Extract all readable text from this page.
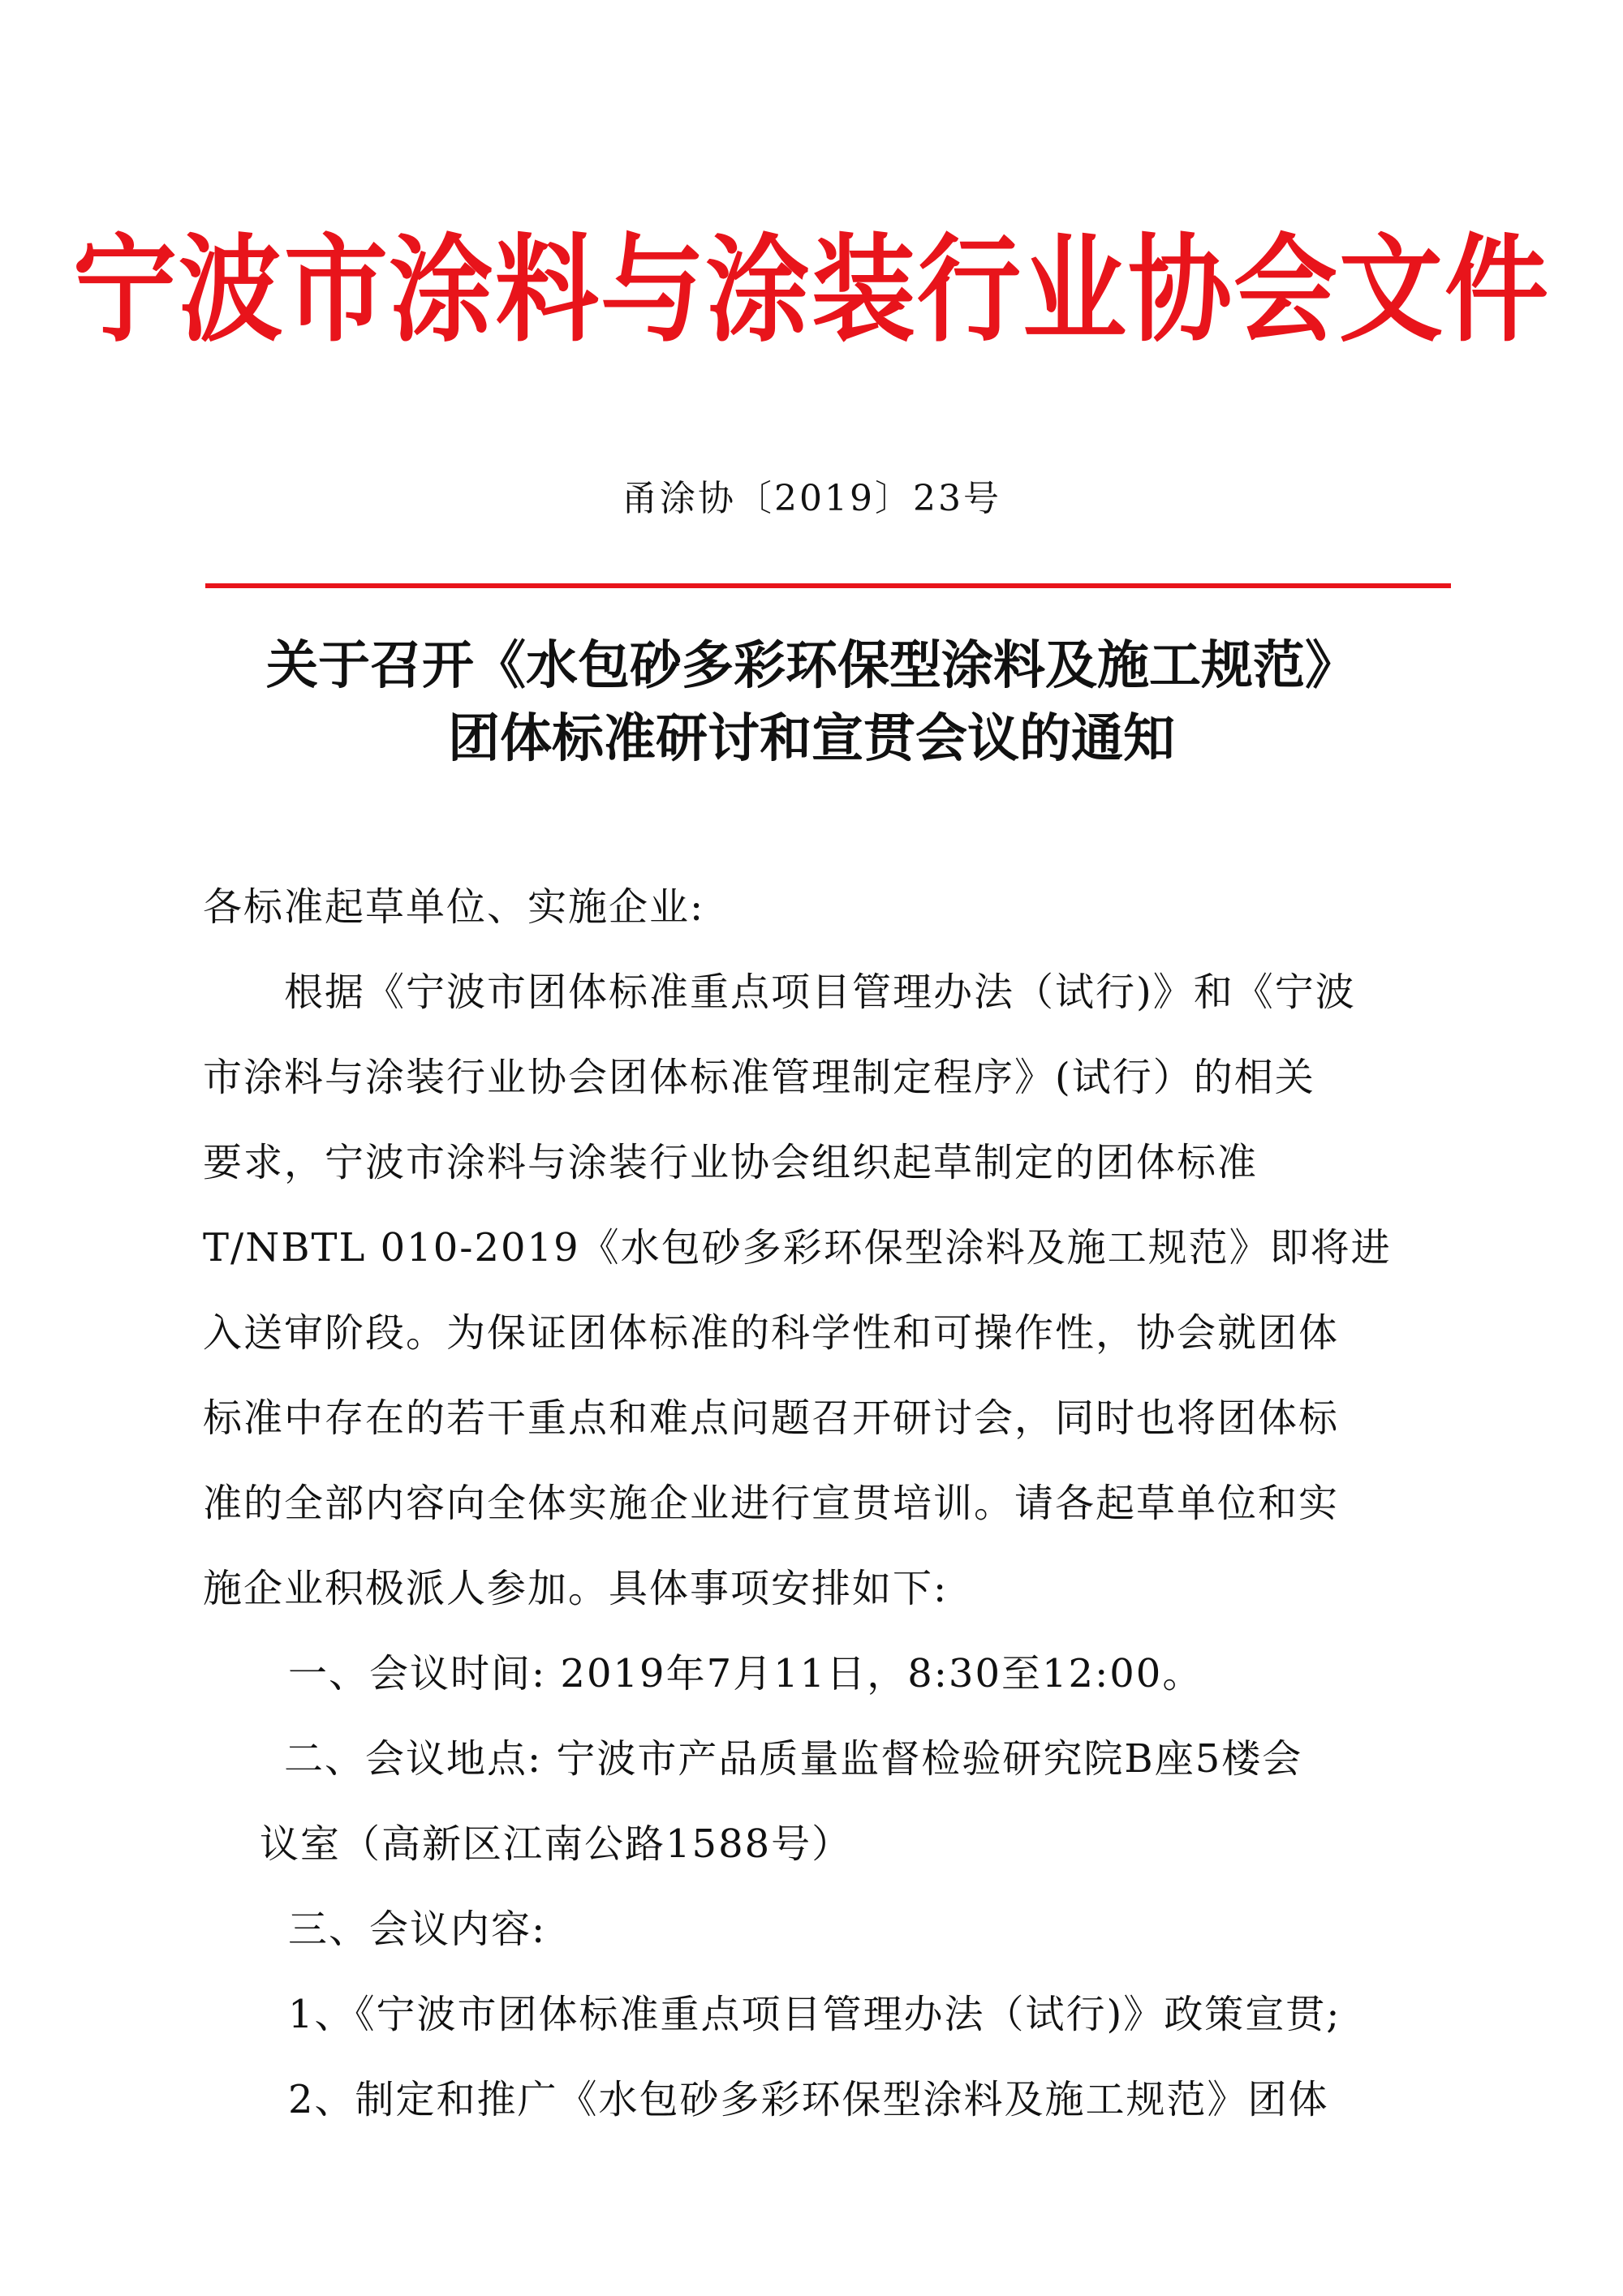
宁波市涂料与涂装行业协会文件
甬涂协〔2019〕23号
关于召开《水包砂多彩环保型涂料及施工规范》
团体标准研讨和宣贯会议的通知
各标准起草单位、实施企业:
根据《宁波市团体标准重点项目管理办法（试行)》和《宁波
市涂料与涂装行业协会团体标准管理制定程序》(试行）的相关
要求，宁波市涂料与涂装行业协会组织起草制定的团体标准
T/NBTL 010-2019《水包砂多彩环保型涂料及施工规范》即将进
入送审阶段。为保证团体标准的科学性和可操作性，协会就团体
标准中存在的若干重点和难点问题召开研讨会，同时也将团体标
准的全部内容向全体实施企业进行宣贯培训。请各起草单位和实
施企业积极派人参加。具体事项安排如下:
一、会议时间: 2019年7月11日，8:30至12:00。
二、会议地点: 宁波市产品质量监督检验研究院B座5楼会
议室（高新区江南公路1588号）
三、会议内容:
1、《宁波市团体标准重点项目管理办法（试行)》政策宣贯;
2、制定和推广《水包砂多彩环保型涂料及施工规范》团体
